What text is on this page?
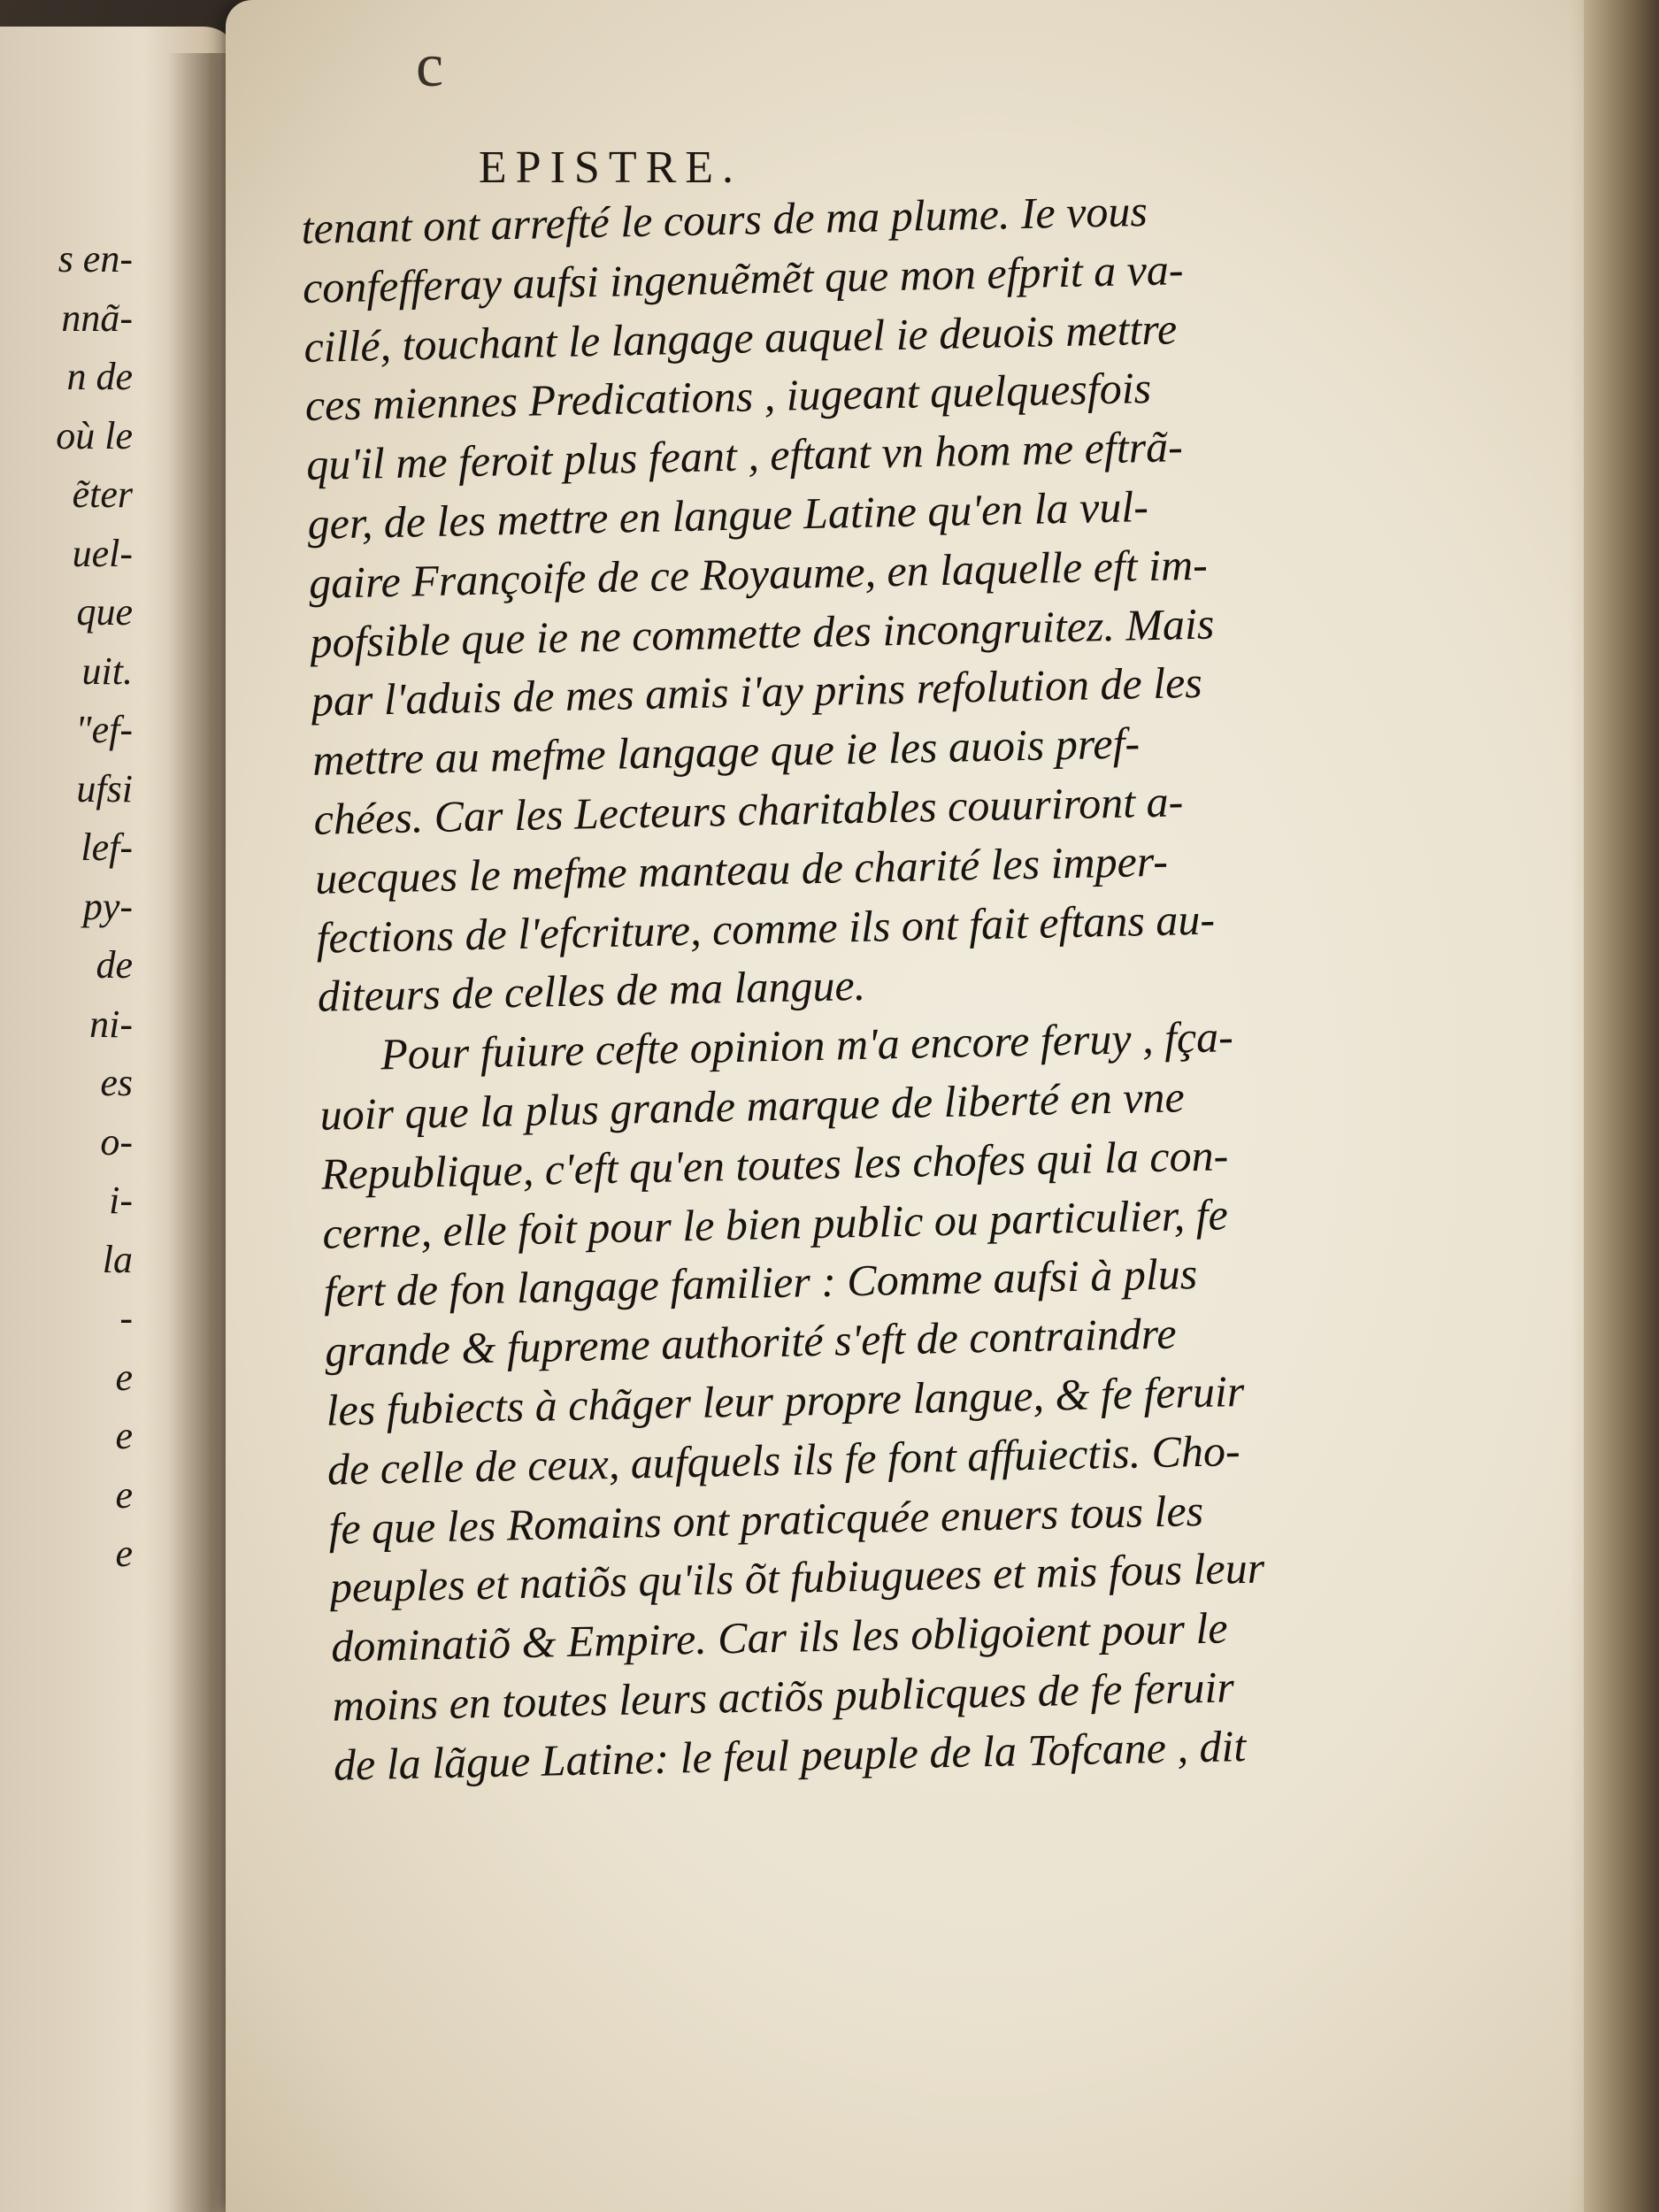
s en-
nnã-
n de
où le
ẽter
uel-
que
uit.
"ef-
ufsi
lef-
py-
de
ni-
es
o-
i-
la
-
e
e
e
e
c
EPISTRE.
tenant ont arrefté le cours de ma plume. Ie vous
confefferay aufsi ingenuẽmẽt que mon efprit a va-
cillé, touchant le langage auquel ie deuois mettre
ces miennes Predications , iugeant quelquesfois
qu'il me feroit plus feant , eftant vn hom me eftrã-
ger, de les mettre en langue Latine qu'en la vul-
gaire Françoife de ce Royaume, en laquelle eft im-
pofsible que ie ne commette des incongruitez. Mais
par l'aduis de mes amis i'ay prins refolution de les
mettre au mefme langage que ie les auois pref-
chées. Car les Lecteurs charitables couuriront a-
uecques le mefme manteau de charité les imper-
fections de l'efcriture, comme ils ont fait eftans au-
diteurs de celles de ma langue.
Pour fuiure cefte opinion m'a encore feruy , fça-
uoir que la plus grande marque de liberté en vne
Republique, c'eft qu'en toutes les chofes qui la con-
cerne, elle foit pour le bien public ou particulier, fe
fert de fon langage familier : Comme aufsi à plus
grande & fupreme authorité s'eft de contraindre
les fubiects à chãger leur propre langue, & fe feruir
de celle de ceux, aufquels ils fe font affuiectis. Cho-
fe que les Romains ont praticquée enuers tous les
peuples et natiõs qu'ils õt fubiuguees et mis fous leur
dominatiõ & Empire. Car ils les obligoient pour le
moins en toutes leurs actiõs publicques de fe feruir
de la lãgue Latine: le feul peuple de la Tofcane , dit
